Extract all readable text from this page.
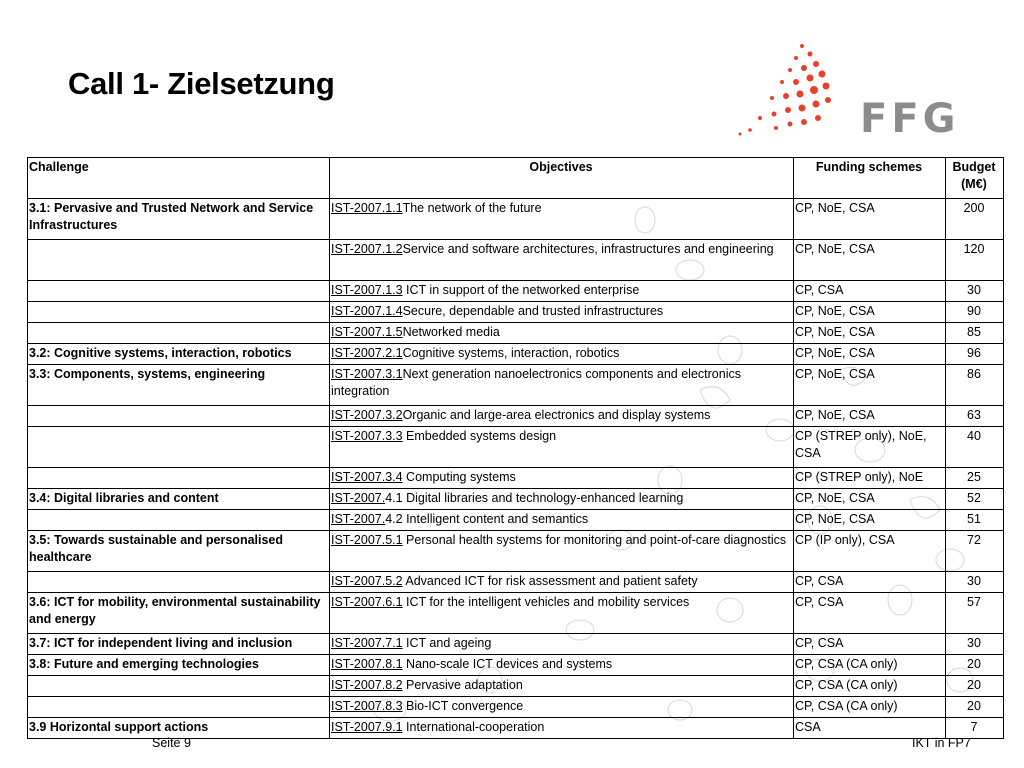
Call 1- Zielsetzung
FFG
Challenge	Objectives	Funding schemes	Budget (M€)
3.1: Pervasive and Trusted Network and Service Infrastructures	IST-2007.1.1The network of the future	CP, NoE, CSA	200
	IST-2007.1.2Service and software architectures, infrastructures and engineering	CP, NoE, CSA	120
	IST-2007.1.3 ICT in support of the networked enterprise	CP, CSA	30
	IST-2007.1.4Secure, dependable and trusted infrastructures	CP, NoE, CSA	90
	IST-2007.1.5Networked media	CP, NoE, CSA	85
3.2: Cognitive systems, interaction, robotics	IST-2007.2.1Cognitive systems, interaction, robotics	CP, NoE, CSA	96
3.3: Components, systems, engineering	IST-2007.3.1Next generation nanoelectronics components and electronics integration	CP, NoE, CSA	86
	IST-2007.3.2Organic and large-area electronics and display systems	CP, NoE, CSA	63
	IST-2007.3.3 Embedded systems design	CP (STREP only), NoE, CSA	40
	IST-2007.3.4 Computing systems	CP (STREP only), NoE	25
3.4: Digital libraries and content	IST-2007.4.1 Digital libraries and technology-enhanced learning	CP, NoE, CSA	52
	IST-2007.4.2 Intelligent content and semantics	CP, NoE, CSA	51
3.5: Towards sustainable and personalised healthcare	IST-2007.5.1 Personal health systems for monitoring and point-of-care diagnostics	CP (IP only), CSA	72
	IST-2007.5.2 Advanced ICT for risk assessment and patient safety	CP, CSA	30
3.6: ICT for mobility, environmental sustainability and energy	IST-2007.6.1 ICT for the intelligent vehicles and mobility services	CP, CSA	57
3.7: ICT for independent living and inclusion	IST-2007.7.1 ICT and ageing	CP, CSA	30
3.8: Future and emerging technologies	IST-2007.8.1 Nano-scale ICT devices and systems	CP, CSA (CA only)	20
	IST-2007.8.2 Pervasive adaptation	CP, CSA (CA only)	20
	IST-2007.8.3 Bio-ICT convergence	CP, CSA (CA only)	20
3.9 Horizontal support actions	IST-2007.9.1 International-cooperation	CSA	7
Seite 9	IKT in FP7
